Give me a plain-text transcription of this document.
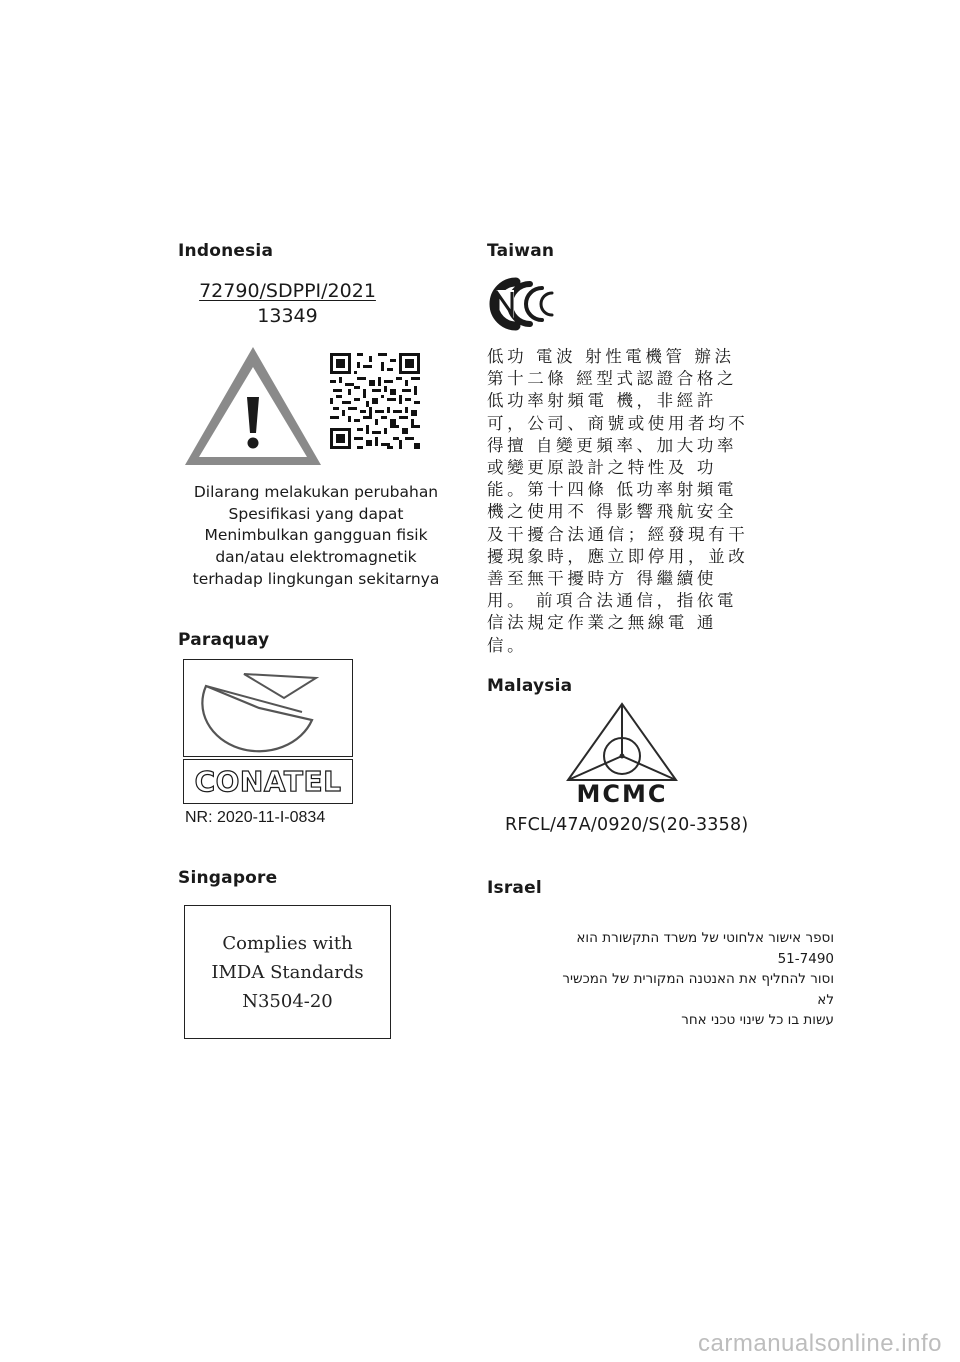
Indonesia
72790/SDPPI/2021
13349
Dilarang melakukan perubahan
Spesifikasi yang dapat
Menimbulkan gangguan fisik
dan/atau elektromagnetik
terhadap lingkungan sekitarnya
Taiwan
低功 電波 射性電機管 辦法 第十二條 經型式認證合格之低功率射頻電 機，非經許可，公司、商號或使用者均不得擅 自變更頻率、加大功率或變更原設計之特性及 功能。第十四條 低功率射頻電機之使用不 得影響飛航安全及干擾合法通信；經發現有干 擾現象時，應立即停用，並改善至無干擾時方 得繼續使用。 前項合法通信，指依電信法規定作業之無線電 通信。
Paraquay
CONATEL
NR: 2020-11-I-0834
Malaysia
MCMC
RFCL/47A/0920/S(20-3358)
Singapore
Complies with
IMDA Standards
N3504-20
Israel
וספר אישור אלחוטי של משרד התקשורת הוא
51-7490
וסור להחליף את האנטנה המקורית של המכשיר
לא
עשות בו כל שינוי טכני אחר
carmanualsonline.info
